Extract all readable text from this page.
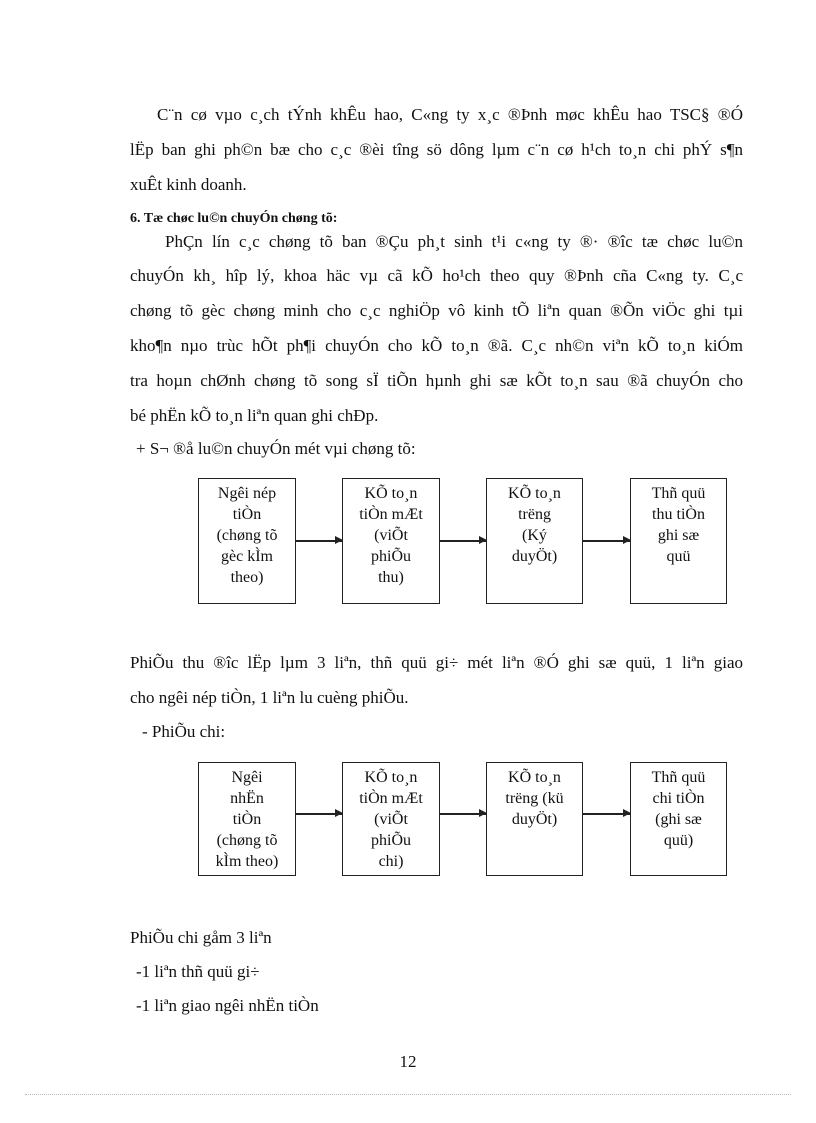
C¨n cø vµo c¸ch tÝnh khÊu hao, C«ng ty x¸c ®Þnh møc khÊu hao TSC§ ®Ó
lËp ban ghi ph©n bæ cho c¸c ®èi tîng sö dông lµm c¨n cø h¹ch to¸n chi phÝ s¶n
xuÊt kinh doanh.
6. Tæ chøc lu©n chuyÓn chøng tõ:
PhÇn lín c¸c chøng tõ ban ®Çu ph¸t sinh t¹i c«ng ty ®· ®îc tæ chøc lu©n
chuyÓn kh¸ hîp lý, khoa häc vµ cã kÕ ho¹ch theo quy ®Þnh cña C«ng ty. C¸c
chøng tõ gèc chøng minh cho c¸c nghiÖp vô kinh tÕ liªn quan ®Õn viÖc ghi tµi
kho¶n nµo trùc hÕt ph¶i chuyÓn cho kÕ to¸n ®ã. C¸c nh©n viªn kÕ to¸n kiÓm
tra hoµn chØnh chøng tõ song sÏ tiÕn hµnh ghi sæ kÕt to¸n sau ®ã chuyÓn cho
bé phËn kÕ to¸n liªn quan ghi chÐp.
+ S¬ ®å lu©n chuyÓn mét vµi chøng tõ:
Ngêi nép
tiÒn
(chøng tõ
gèc kÌm
theo)
KÕ to¸n
tiÒn mÆt
(viÕt
phiÕu
thu)
KÕ to¸n
trëng
(Ký
duyÖt)
Thñ quü
thu tiÒn
ghi sæ
quü
PhiÕu thu ®îc lËp lµm 3 liªn, thñ quü gi÷ mét liªn ®Ó ghi sæ quü, 1 liªn giao
cho ngêi nép tiÒn, 1 liªn lu cuèng phiÕu.
- PhiÕu chi:
Ngêi
nhËn
tiÒn
(chøng tõ
kÌm theo)
KÕ to¸n
tiÒn mÆt
(viÕt
phiÕu
chi)
KÕ to¸n
trëng (kü
duyÖt)
Thñ quü
chi tiÒn
(ghi sæ
quü)
PhiÕu chi gåm 3 liªn
-1 liªn thñ quü gi÷
-1 liªn giao ngêi nhËn tiÒn
12
